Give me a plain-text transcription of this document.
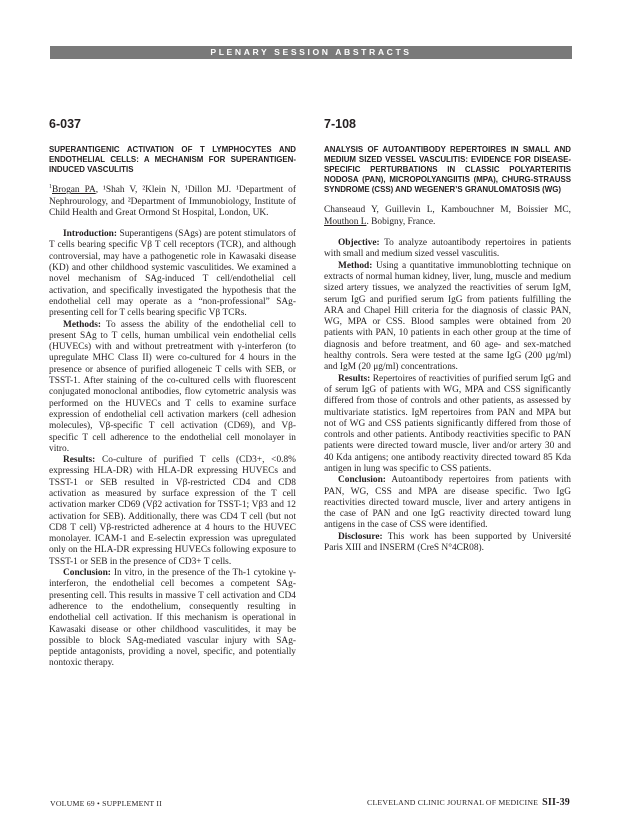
PLENARY SESSION ABSTRACTS
6-037
SUPERANTIGENIC ACTIVATION OF T LYMPHOCYTES AND ENDOTHELIAL CELLS: A MECHANISM FOR SUPERANTIGEN-INDUCED VASCULITIS

$^1$Brogan PA, ¹Shah V, ²Klein N, ¹Dillon MJ. ¹Department of Nephrourology, and ²Department of Immunobiology, Institute of Child Health and Great Ormond St Hospital, London, UK.

Introduction: Superantigens (SAgs) are potent stimulators of T cells bearing specific Vβ T cell receptors (TCR), and although controversial, may have a pathogenetic role in Kawasaki disease (KD) and other childhood systemic vasculitides. We examined a novel mechanism of SAg-induced T cell/endothelial cell activation, and specifically investigated the hypothesis that the endothelial cell may operate as a “non-professional” SAg-presenting cell for T cells bearing specific Vβ TCRs.

Methods: To assess the ability of the endothelial cell to present SAg to T cells, human umbilical vein endothelial cells (HUVECs) with and without pretreatment with γ-interferon (to upregulate MHC Class II) were co-cultured for 4 hours in the presence or absence of purified allogeneic T cells with SEB, or TSST-1. After staining of the co-cultured cells with fluorescent conjugated monoclonal antibodies, flow cytometric analysis was performed on the HUVECs and T cells to examine surface expression of endothelial cell activation markers (cell adhesion molecules), Vβ-specific T cell activation (CD69), and Vβ-specific T cell adherence to the endothelial cell monolayer in vitro.

Results: Co-culture of purified T cells (CD3+, <0.8% expressing HLA-DR) with HLA-DR expressing HUVECs and TSST-1 or SEB resulted in Vβ-restricted CD4 and CD8 activation as measured by surface expression of the T cell activation marker CD69 (Vβ2 activation for TSST-1; Vβ3 and 12 activation for SEB). Additionally, there was CD4 T cell (but not CD8 T cell) Vβ-restricted adherence at 4 hours to the HUVEC monolayer. ICAM-1 and E-selectin expression was upregulated only on the HLA-DR expressing HUVECs following exposure to TSST-1 or SEB in the presence of CD3+ T cells.

Conclusion: In vitro, in the presence of the Th-1 cytokine γ-interferon, the endothelial cell becomes a competent SAg-presenting cell. This results in massive T cell activation and CD4 adherence to the endothelium, consequently resulting in endothelial cell activation. If this mechanism is operational in Kawasaki disease or other childhood vasculitides, it may be possible to block SAg-mediated vascular injury with SAg-peptide antagonists, providing a novel, specific, and potentially nontoxic therapy.

7-108
ANALYSIS OF AUTOANTIBODY REPERTOIRES IN SMALL AND MEDIUM SIZED VESSEL VASCULITIS: EVIDENCE FOR DISEASE-SPECIFIC PERTURBATIONS IN CLASSIC POLYARTERITIS NODOSA (PAN), MICROPOLYANGIITIS (MPA), CHURG-STRAUSS SYNDROME (CSS) AND WEGENER’S GRANULOMATOSIS (WG)

Chanseaud Y, Guillevin L, Kambouchner M, Boissier MC, Mouthon L. Bobigny, France.

Objective: To analyze autoantibody repertoires in patients with small and medium sized vessel vasculitis.

Method: Using a quantitative immunoblotting technique on extracts of normal human kidney, liver, lung, muscle and medium sized artery tissues, we analyzed the reactivities of serum IgM, serum IgG and purified serum IgG from patients fulfilling the ARA and Chapel Hill criteria for the diagnosis of classic PAN, WG, MPA or CSS. Blood samples were obtained from 20 patients with PAN, 10 patients in each other group at the time of diagnosis and before treatment, and 60 age- and sex-matched healthy controls. Sera were tested at the same IgG (200 μg/ml) and IgM (20 μg/ml) concentrations.

Results: Repertoires of reactivities of purified serum IgG and of serum IgG of patients with WG, MPA and CSS significantly differed from those of controls and other patients, as assessed by multivariate statistics. IgM repertoires from PAN and MPA but not of WG and CSS patients significantly differed from those of controls and other patients. Antibody reactivities specific to PAN patients were directed toward muscle, liver and/or artery 30 and 40 Kda antigens; one antibody reactivity directed toward 85 Kda antigen in lung was specific to CSS patients.

Conclusion: Autoantibody repertoires from patients with PAN, WG, CSS and MPA are disease specific. Two IgG reactivities directed toward muscle, liver and artery antigens in the case of PAN and one IgG reactivity directed toward lung antigens in the case of CSS were identified.

Disclosure: This work has been supported by Université Paris XIII and INSERM (CreS N°4CR08).

VOLUME 69 • SUPPLEMENT II	CLEVELAND CLINIC JOURNAL OF MEDICINE SII-39
